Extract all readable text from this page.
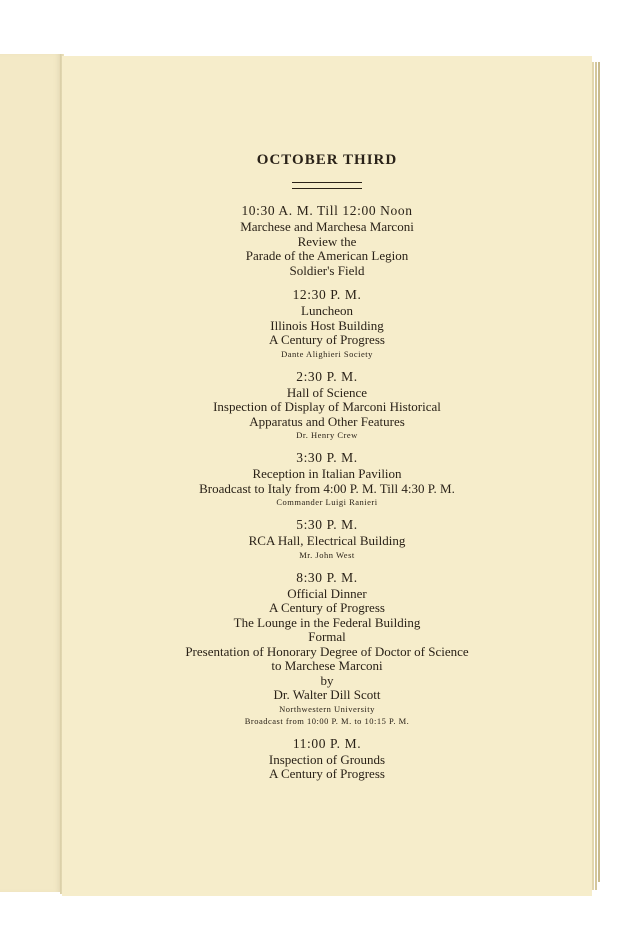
OCTOBER THIRD
10:30 A. M. Till 12:00 Noon
Marchese and Marchesa Marconi
Review the
Parade of the American Legion
Soldier's Field
12:30 P. M.
Luncheon
Illinois Host Building
A Century of Progress
Dante Alighieri Society
2:30 P. M.
Hall of Science
Inspection of Display of Marconi Historical
Apparatus and Other Features
Dr. Henry Crew
3:30 P. M.
Reception in Italian Pavilion
Broadcast to Italy from 4:00 P. M. Till 4:30 P. M.
Commander Luigi Ranieri
5:30 P. M.
RCA Hall, Electrical Building
Mr. John West
8:30 P. M.
Official Dinner
A Century of Progress
The Lounge in the Federal Building
Formal
Presentation of Honorary Degree of Doctor of Science
to Marchese Marconi
by
Dr. Walter Dill Scott
Northwestern University
Broadcast from 10:00 P. M. to 10:15 P. M.
11:00 P. M.
Inspection of Grounds
A Century of Progress
